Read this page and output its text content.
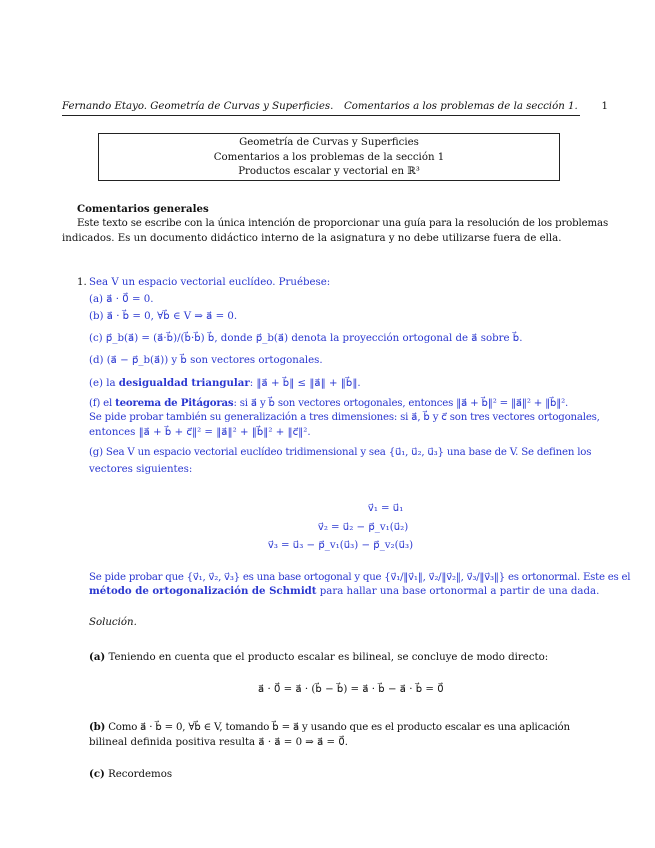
Fernando Etayo. Geometría de Curvas y Superficies. Comentarios a los problemas de la sección 1. 1
Geometría de Curvas y Superficies
Comentarios a los problemas de la sección 1
Productos escalar y vectorial en ℝ³
Comentarios generales
Este texto se escribe con la única intención de proporcionar una guía para la resolución de los problemas
indicados. Es un documento didáctico interno de la asignatura y no debe utilizarse fuera de ella.
1. Sea V un espacio vectorial euclídeo. Pruébese:
(a) a⃗ · 0⃗ = 0.
(b) a⃗ · b⃗ = 0, ∀b⃗ ∈ V ⇒ a⃗ = 0.
(c) p⃗_b(a⃗) = (a⃗·b⃗)/(b⃗·b⃗) b⃗, donde p⃗_b(a⃗) denota la proyección ortogonal de a⃗ sobre b⃗.
(d) (a⃗ − p⃗_b(a⃗)) y b⃗ son vectores ortogonales.
(e) la desigualdad triangular: ‖a⃗ + b⃗‖ ≤ ‖a⃗‖ + ‖b⃗‖.
(f) el teorema de Pitágoras: si a⃗ y b⃗ son vectores ortogonales, entonces ‖a⃗ + b⃗‖² = ‖a⃗‖² + ‖b⃗‖².
Se pide probar también su generalización a tres dimensiones: si a⃗, b⃗ y c⃗ son tres vectores ortogonales,
entonces ‖a⃗ + b⃗ + c⃗‖² = ‖a⃗‖² + ‖b⃗‖² + ‖c⃗‖².
(g) Sea V un espacio vectorial euclídeo tridimensional y sea {u⃗₁, u⃗₂, u⃗₃} una base de V. Se definen los
vectores siguientes:
v⃗₁ = u⃗₁
v⃗₂ = u⃗₂ − p⃗_v₁(u⃗₂)
v⃗₃ = u⃗₃ − p⃗_v₁(u⃗₃) − p⃗_v₂(u⃗₃)
Se pide probar que {v⃗₁, v⃗₂, v⃗₃} es una base ortogonal y que {v⃗₁/‖v⃗₁‖, v⃗₂/‖v⃗₂‖, v⃗₃/‖v⃗₃‖} es ortonormal. Este es el
método de ortogonalización de Schmidt para hallar una base ortonormal a partir de una dada.
Solución.
(a) Teniendo en cuenta que el producto escalar es bilineal, se concluye de modo directo:
a⃗ · 0⃗ = a⃗ · (b⃗ − b⃗) = a⃗ · b⃗ − a⃗ · b⃗ = 0⃗
(b) Como a⃗ · b⃗ = 0, ∀b⃗ ∈ V, tomando b⃗ = a⃗ y usando que es el producto escalar es una aplicación
bilineal definida positiva resulta a⃗ · a⃗ = 0 ⇒ a⃗ = 0⃗.
(c) Recordemos
